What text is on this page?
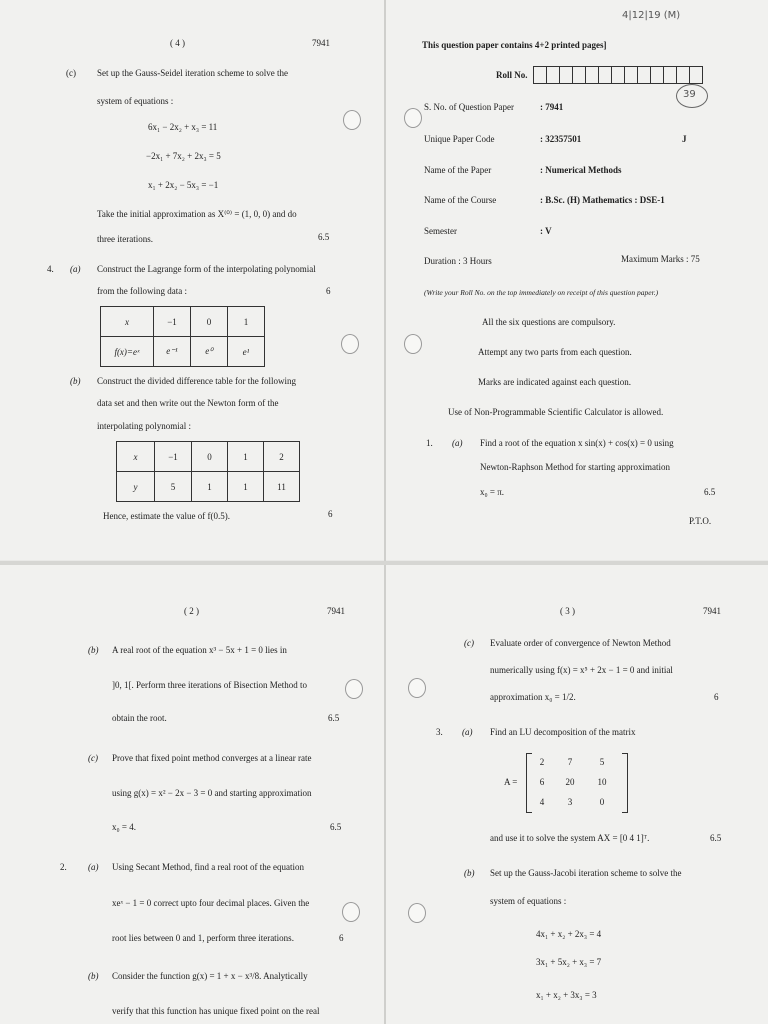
( 4 )	7941
(c) Set up the Gauss-Seidel iteration scheme to solve the
system of equations :
6x₁ − 2x₂ + x₃ = 11
−2x₁ + 7x₂ + 2x₃ = 5
x₁ + 2x₂ − 5x₃ = −1
Take the initial approximation as X⁽⁰⁾ = (1, 0, 0) and do
three iterations.	6.5
4. (a) Construct the Lagrange form of the interpolating polynomial
from the following data :	6
x	−1	0	1
f(x)=eˣ	e⁻¹	e⁰	e¹
(b) Construct the divided difference table for the following
data set and then write out the Newton form of the
interpolating polynomial :
x	−1	0	1	2
y	5	1	1	11
Hence, estimate the value of f(0.5).	6
4|12|19 (M)
This question paper contains 4+2 printed pages]
Roll No.
39
S. No. of Question Paper	: 7941
Unique Paper Code	: 32357501	J
Name of the Paper	: Numerical Methods
Name of the Course	: B.Sc. (H) Mathematics : DSE-1
Semester	: V
Duration : 3 Hours	Maximum Marks : 75
(Write your Roll No. on the top immediately on receipt of this question paper.)
All the six questions are compulsory.
Attempt any two parts from each question.
Marks are indicated against each question.
Use of Non-Programmable Scientific Calculator is allowed.
1. (a) Find a root of the equation x sin(x) + cos(x) = 0 using
Newton-Raphson Method for starting approximation
x₀ = π.	6.5
P.T.O.
( 2 )	7941
(b) A real root of the equation x³ − 5x + 1 = 0 lies in
]0, 1[. Perform three iterations of Bisection Method to
obtain the root.	6.5
(c) Prove that fixed point method converges at a linear rate
using g(x) = x² − 2x − 3 = 0 and starting approximation
x₀ = 4.	6.5
2. (a) Using Secant Method, find a real root of the equation
xeˣ − 1 = 0 correct upto four decimal places. Given the
root lies between 0 and 1, perform three iterations.	6
(b) Consider the function g(x) = 1 + x − x³/8. Analytically
verify that this function has unique fixed point on the real
( 3 )	7941
(c) Evaluate order of convergence of Newton Method
numerically using f(x) = x⁵ + 2x − 1 = 0 and initial
approximation x₀ = 1/2.	6
3. (a) Find an LU decomposition of the matrix
A =
2	7	5
6	20	10
4	3	0
and use it to solve the system AX = [0 4 1]ᵀ.	6.5
(b) Set up the Gauss-Jacobi iteration scheme to solve the
system of equations :
4x₁ + x₂ + 2x₃ = 4
3x₁ + 5x₂ + x₃ = 7
x₁ + x₂ + 3x₃ = 3
